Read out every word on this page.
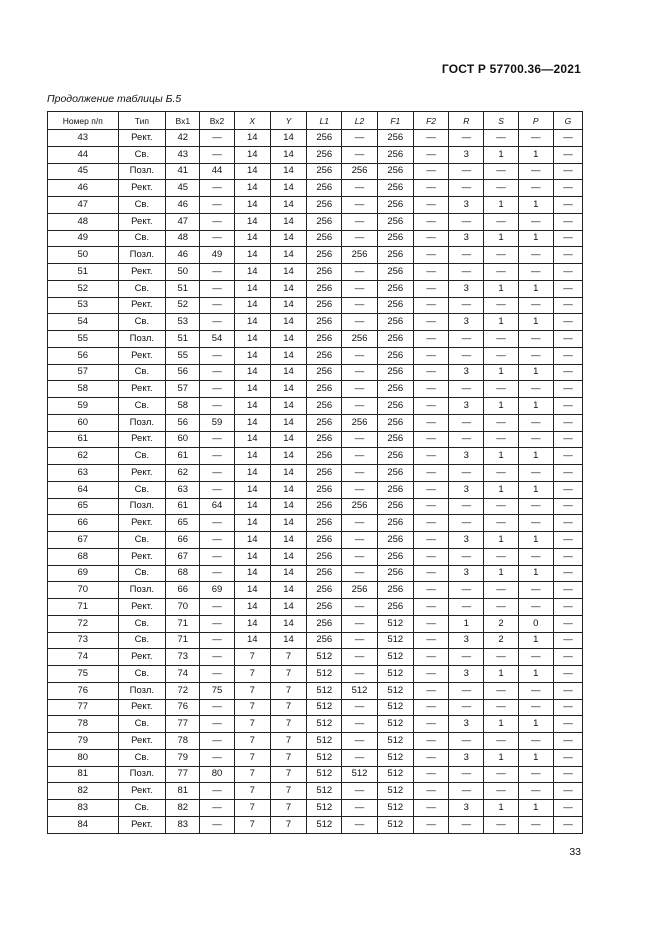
ГОСТ Р 57700.36—2021
Продолжение таблицы Б.5
Номер п/п	Тип	Вх1	Вх2	X	Y	L1	L2	F1	F2	R	S	P	G
43	Рект.	42	—	14	14	256	—	256	—	—	—	—	—
44	Св.	43	—	14	14	256	—	256	—	3	1	1	—
45	Позл.	41	44	14	14	256	256	256	—	—	—	—	—
46	Рект.	45	—	14	14	256	—	256	—	—	—	—	—
47	Св.	46	—	14	14	256	—	256	—	3	1	1	—
48	Рект.	47	—	14	14	256	—	256	—	—	—	—	—
49	Св.	48	—	14	14	256	—	256	—	3	1	1	—
50	Позл.	46	49	14	14	256	256	256	—	—	—	—	—
51	Рект.	50	—	14	14	256	—	256	—	—	—	—	—
52	Св.	51	—	14	14	256	—	256	—	3	1	1	—
53	Рект.	52	—	14	14	256	—	256	—	—	—	—	—
54	Св.	53	—	14	14	256	—	256	—	3	1	1	—
55	Позл.	51	54	14	14	256	256	256	—	—	—	—	—
56	Рект.	55	—	14	14	256	—	256	—	—	—	—	—
57	Св.	56	—	14	14	256	—	256	—	3	1	1	—
58	Рект.	57	—	14	14	256	—	256	—	—	—	—	—
59	Св.	58	—	14	14	256	—	256	—	3	1	1	—
60	Позл.	56	59	14	14	256	256	256	—	—	—	—	—
61	Рект.	60	—	14	14	256	—	256	—	—	—	—	—
62	Св.	61	—	14	14	256	—	256	—	3	1	1	—
63	Рект.	62	—	14	14	256	—	256	—	—	—	—	—
64	Св.	63	—	14	14	256	—	256	—	3	1	1	—
65	Позл.	61	64	14	14	256	256	256	—	—	—	—	—
66	Рект.	65	—	14	14	256	—	256	—	—	—	—	—
67	Св.	66	—	14	14	256	—	256	—	3	1	1	—
68	Рект.	67	—	14	14	256	—	256	—	—	—	—	—
69	Св.	68	—	14	14	256	—	256	—	3	1	1	—
70	Позл.	66	69	14	14	256	256	256	—	—	—	—	—
71	Рект.	70	—	14	14	256	—	256	—	—	—	—	—
72	Св.	71	—	14	14	256	—	512	—	1	2	0	—
73	Св.	71	—	14	14	256	—	512	—	3	2	1	—
74	Рект.	73	—	7	7	512	—	512	—	—	—	—	—
75	Св.	74	—	7	7	512	—	512	—	3	1	1	—
76	Позл.	72	75	7	7	512	512	512	—	—	—	—	—
77	Рект.	76	—	7	7	512	—	512	—	—	—	—	—
78	Св.	77	—	7	7	512	—	512	—	3	1	1	—
79	Рект.	78	—	7	7	512	—	512	—	—	—	—	—
80	Св.	79	—	7	7	512	—	512	—	3	1	1	—
81	Позл.	77	80	7	7	512	512	512	—	—	—	—	—
82	Рект.	81	—	7	7	512	—	512	—	—	—	—	—
83	Св.	82	—	7	7	512	—	512	—	3	1	1	—
84	Рект.	83	—	7	7	512	—	512	—	—	—	—	—
33
